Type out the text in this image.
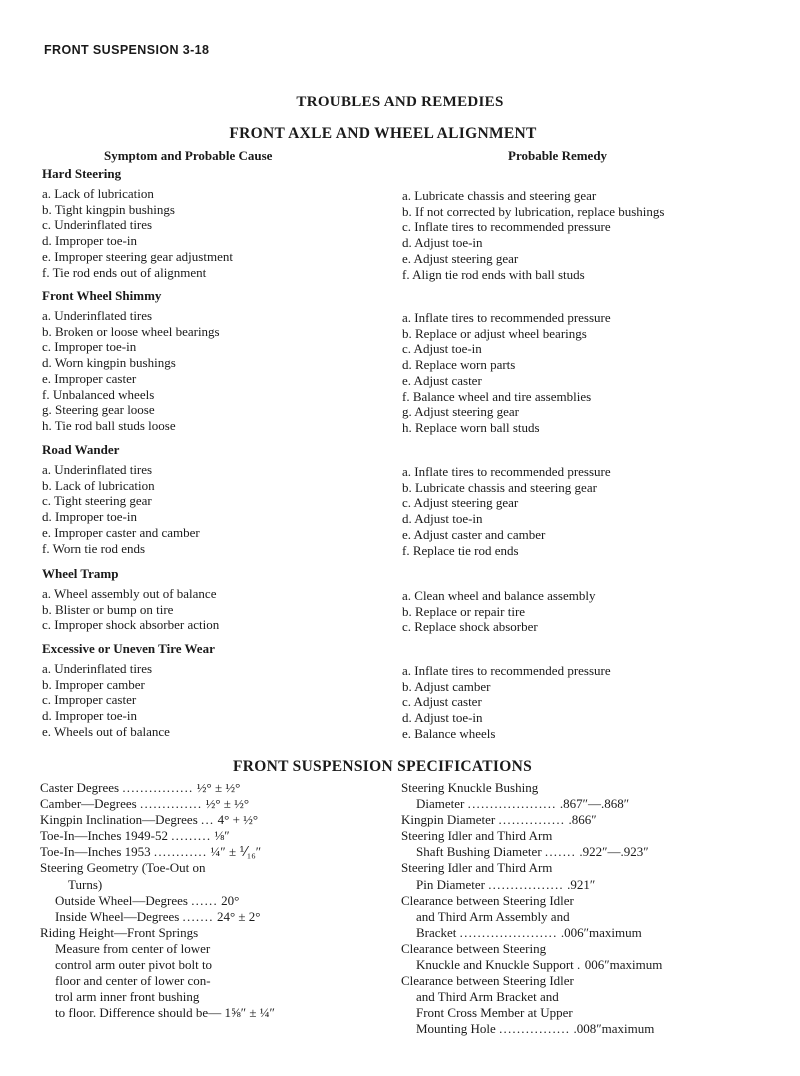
FRONT SUSPENSION 3-18
TROUBLES AND REMEDIES
FRONT AXLE AND WHEEL ALIGNMENT
Symptom and Probable Cause	Probable Remedy
Hard Steering
a. Lack of lubrication
b. Tight kingpin bushings
c. Underinflated tires
d. Improper toe-in
e. Improper steering gear adjustment
f. Tie rod ends out of alignment
a. Lubricate chassis and steering gear
b. If not corrected by lubrication, replace bushings
c. Inflate tires to recommended pressure
d. Adjust toe-in
e. Adjust steering gear
f. Align tie rod ends with ball studs
Front Wheel Shimmy
a. Underinflated tires
b. Broken or loose wheel bearings
c. Improper toe-in
d. Worn kingpin bushings
e. Improper caster
f. Unbalanced wheels
g. Steering gear loose
h. Tie rod ball studs loose
a. Inflate tires to recommended pressure
b. Replace or adjust wheel bearings
c. Adjust toe-in
d. Replace worn parts
e. Adjust caster
f. Balance wheel and tire assemblies
g. Adjust steering gear
h. Replace worn ball studs
Road Wander
a. Underinflated tires
b. Lack of lubrication
c. Tight steering gear
d. Improper toe-in
e. Improper caster and camber
f. Worn tie rod ends
a. Inflate tires to recommended pressure
b. Lubricate chassis and steering gear
c. Adjust steering gear
d. Adjust toe-in
e. Adjust caster and camber
f. Replace tie rod ends
Wheel Tramp
a. Wheel assembly out of balance
b. Blister or bump on tire
c. Improper shock absorber action
a. Clean wheel and balance assembly
b. Replace or repair tire
c. Replace shock absorber
Excessive or Uneven Tire Wear
a. Underinflated tires
b. Improper camber
c. Improper caster
d. Improper toe-in
e. Wheels out of balance
a. Inflate tires to recommended pressure
b. Adjust camber
c. Adjust caster
d. Adjust toe-in
e. Balance wheels
FRONT SUSPENSION SPECIFICATIONS
Caster Degrees ................ ½° ± ½°
Camber—Degrees .............. ½° ± ½°
Kingpin Inclination—Degrees ... 4° + ½°
Toe-In—Inches 1949-52 ......... ⅛″
Toe-In—Inches 1953 ............ ¼″ ± ⅟₁₆″
Steering Geometry (Toe-Out on
Turns)
Outside Wheel—Degrees ...... 20°
Inside Wheel—Degrees ....... 24° ± 2°
Riding Height—Front Springs
Measure from center of lower
control arm outer pivot bolt to
floor and center of lower con-
trol arm inner front bushing
to floor. Difference should be— 1⅝″ ± ¼″
Steering Knuckle Bushing
Diameter .................... .867″—.868″
Kingpin Diameter ............... .866″
Steering Idler and Third Arm
Shaft Bushing Diameter ....... .922″—.923″
Steering Idler and Third Arm
Pin Diameter ................. .921″
Clearance between Steering Idler
and Third Arm Assembly and
Bracket ...................... .006″maximum
Clearance between Steering
Knuckle and Knuckle Support . 006″maximum
Clearance between Steering Idler
and Third Arm Bracket and
Front Cross Member at Upper
Mounting Hole ................ .008″maximum
